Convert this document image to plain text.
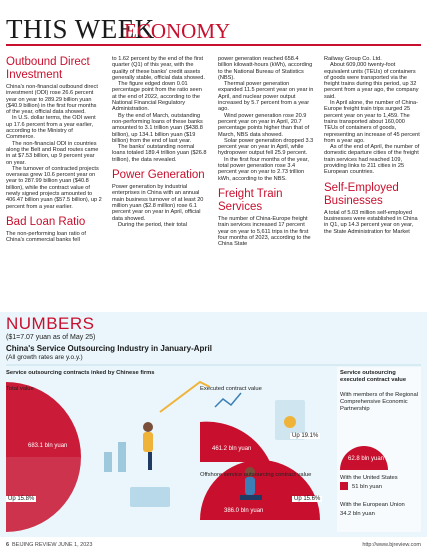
THIS WEEK
ECONOMY
Outbound Direct Investment

China's non-financial outbound direct investment (ODI) rose 26.6 percent year on year to 289.29 billion yuan ($40.9 billion) in the first four months of the year, official data showed.

In U.S. dollar terms, the ODI went up 17.6 percent from a year earlier, according to the Ministry of Commerce.

The non-financial ODI in countries along the Belt and Road routes came in at $7.53 billion, up 9 percent year on year.

The turnover of contracted projects overseas grew 10.6 percent year on year to 287.99 billion yuan ($40.8 billion), while the contract value of newly signed projects amounted to 406.47 billion yuan ($57.5 billion), up 2 percent from a year earlier.

Bad Loan Ratio

The non-performing loan ratio of China's commercial banks fell

to 1.62 percent by the end of the first quarter (Q1) of this year, with the quality of these banks' credit assets generally stable, official data showed.

The figure edged down 0.01 percentage point from the ratio seen at the end of 2022, according to the National Financial Regulatory Administration.

By the end of March, outstanding non-performing loans of these banks amounted to 3.1 trillion yuan ($438.8 billion), up 134.1 billion yuan ($19 billion) from the end of last year.

The banks' outstanding normal loans totaled 189.4 trillion yuan ($26.8 trillion), the data revealed.

Power Generation

Power generation by industrial enterprises in China with an annual main business turnover of at least 20 million yuan ($2.8 million) rose 6.1 percent year on year in April, official data showed.

During the period, their total

power generation reached 658.4 billion kilowatt-hours (kWh), according to the National Bureau of Statistics (NBS).

Thermal power generation expanded 11.5 percent year on year in April, and nuclear power output increased by 5.7 percent from a year ago.

Wind power generation rose 20.9 percent year on year in April, 20.7 percentage points higher than that of March, NBS data showed.

Solar power generation dropped 3.3 percent year on year in April, while hydropower output fell 25.9 percent.

In the first four months of the year, total power generation rose 3.4 percent year on year to 2.73 trillion kWh, according to the NBS.

Freight Train Services

The number of China-Europe freight train services increased 17 percent year on year to 5,611 trips in the first four months of 2023, according to the China State

Railway Group Co. Ltd.

About 609,000 twenty-foot equivalent units (TEUs) of containers of goods were transported via the freight trains during this period, up 32 percent from a year ago, the company said.

In April alone, the number of China-Europe freight train trips surged 25 percent year on year to 1,459. The trains transported about 160,000 TEUs of containers of goods, representing an increase of 45 percent from a year ago.

As of the end of April, the number of domestic departure cities of the freight train services had reached 109, providing links to 211 cities in 25 European countries.

Self-Employed Businesses

A total of 5.03 million self-employed businesses were established in China in Q1, up 14.3 percent year on year, the State Administration for Market

NUMBERS
($1=7.07 yuan as of May 25)
China's Service Outsourcing Industry in January-April
(All growth rates are y.o.y.)
Service outsourcing contracts inked by Chinese firms
Total value
683.1 bln yuan
Up 15.8%
Executed contract value
461.2 bln yuan
Up 19.1%
Offshore service outsourcing contract value
386.0 bln yuan
Up 15.6%
Service outsourcing executed contract value
With members of the Regional Comprehensive Economic Partnership
62.8 bln yuan
With the United States
51 bln yuan
With the European Union
34.2 bln yuan
6 BEIJING REVIEW JUNE 1, 2023	http://www.bjreview.com
